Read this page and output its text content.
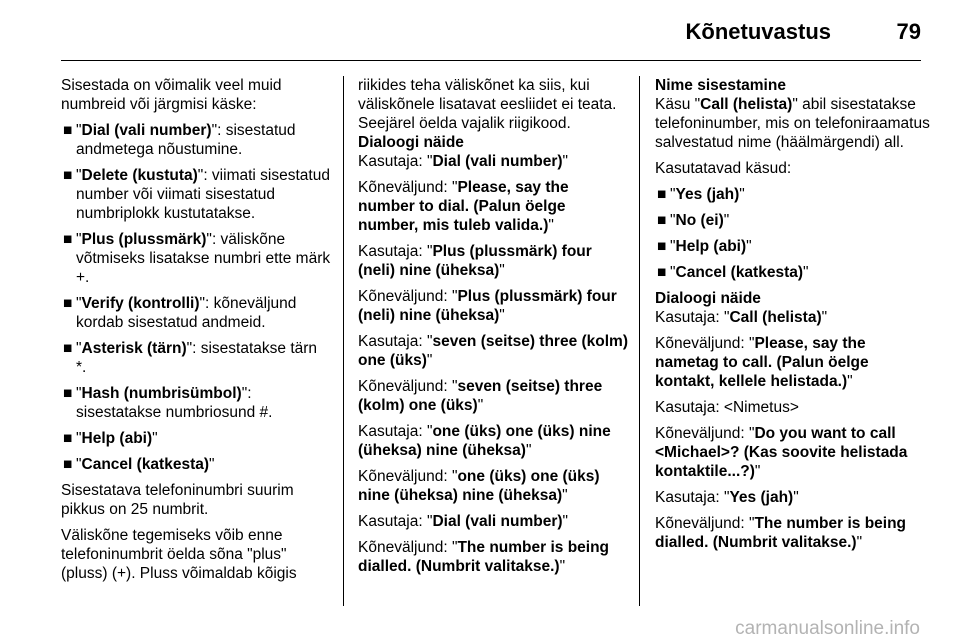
Kõnetuvastus	79

Sisestada on võimalik veel muid numbreid või järgmisi käske:

■ "Dial (vali number)": sisestatud andmetega nõustumine.
■ "Delete (kustuta)": viimati sisestatud number või viimati sisestatud numbriplokk kustutatakse.
■ "Plus (plussmärk)": väliskõne võtmiseks lisatakse numbri ette märk +.
■ "Verify (kontrolli)": kõneväljund kordab sisestatud andmeid.
■ "Asterisk (tärn)": sisestatakse tärn *.
■ "Hash (numbrisümbol)": sisestatakse numbriosund #.
■ "Help (abi)"
■ "Cancel (katkesta)"

Sisestatava telefoninumbri suurim pikkus on 25 numbrit.

Väliskõne tegemiseks võib enne telefoninumbrit öelda sõna "plus" (pluss) (+). Pluss võimaldab kõigis

riikides teha väliskõnet ka siis, kui väliskõnele lisatavat eesliidet ei teata. Seejärel öelda vajalik riigikood.

Dialoogi näide

Kasutaja: "Dial (vali number)"

Kõneväljund: "Please, say the number to dial. (Palun öelge number, mis tuleb valida.)"

Kasutaja: "Plus (plussmärk) four (neli) nine (üheksa)"

Kõneväljund: "Plus (plussmärk) four (neli) nine (üheksa)"

Kasutaja: "seven (seitse) three (kolm) one (üks)"

Kõneväljund: "seven (seitse) three (kolm) one (üks)"

Kasutaja: "one (üks) one (üks) nine (üheksa) nine (üheksa)"

Kõneväljund: "one (üks) one (üks) nine (üheksa) nine (üheksa)"

Kasutaja: "Dial (vali number)"

Kõneväljund: "The number is being dialled. (Numbrit valitakse.)"

Nime sisestamine

Käsu "Call (helista)" abil sisestatakse telefoninumber, mis on telefoniraamatus salvestatud nime (häälmärgendi) all.

Kasutatavad käsud:

■ "Yes (jah)"
■ "No (ei)"
■ "Help (abi)"
■ "Cancel (katkesta)"
Dialoogi näide

Kasutaja: "Call (helista)"

Kõneväljund: "Please, say the nametag to call. (Palun öelge kontakt, kellele helistada.)"

Kasutaja: <Nimetus>

Kõneväljund: "Do you want to call <Michael>? (Kas soovite helistada kontaktile...?)"

Kasutaja: "Yes (jah)"

Kõneväljund: "The number is being dialled. (Numbrit valitakse.)"

carmanualsonline.info
